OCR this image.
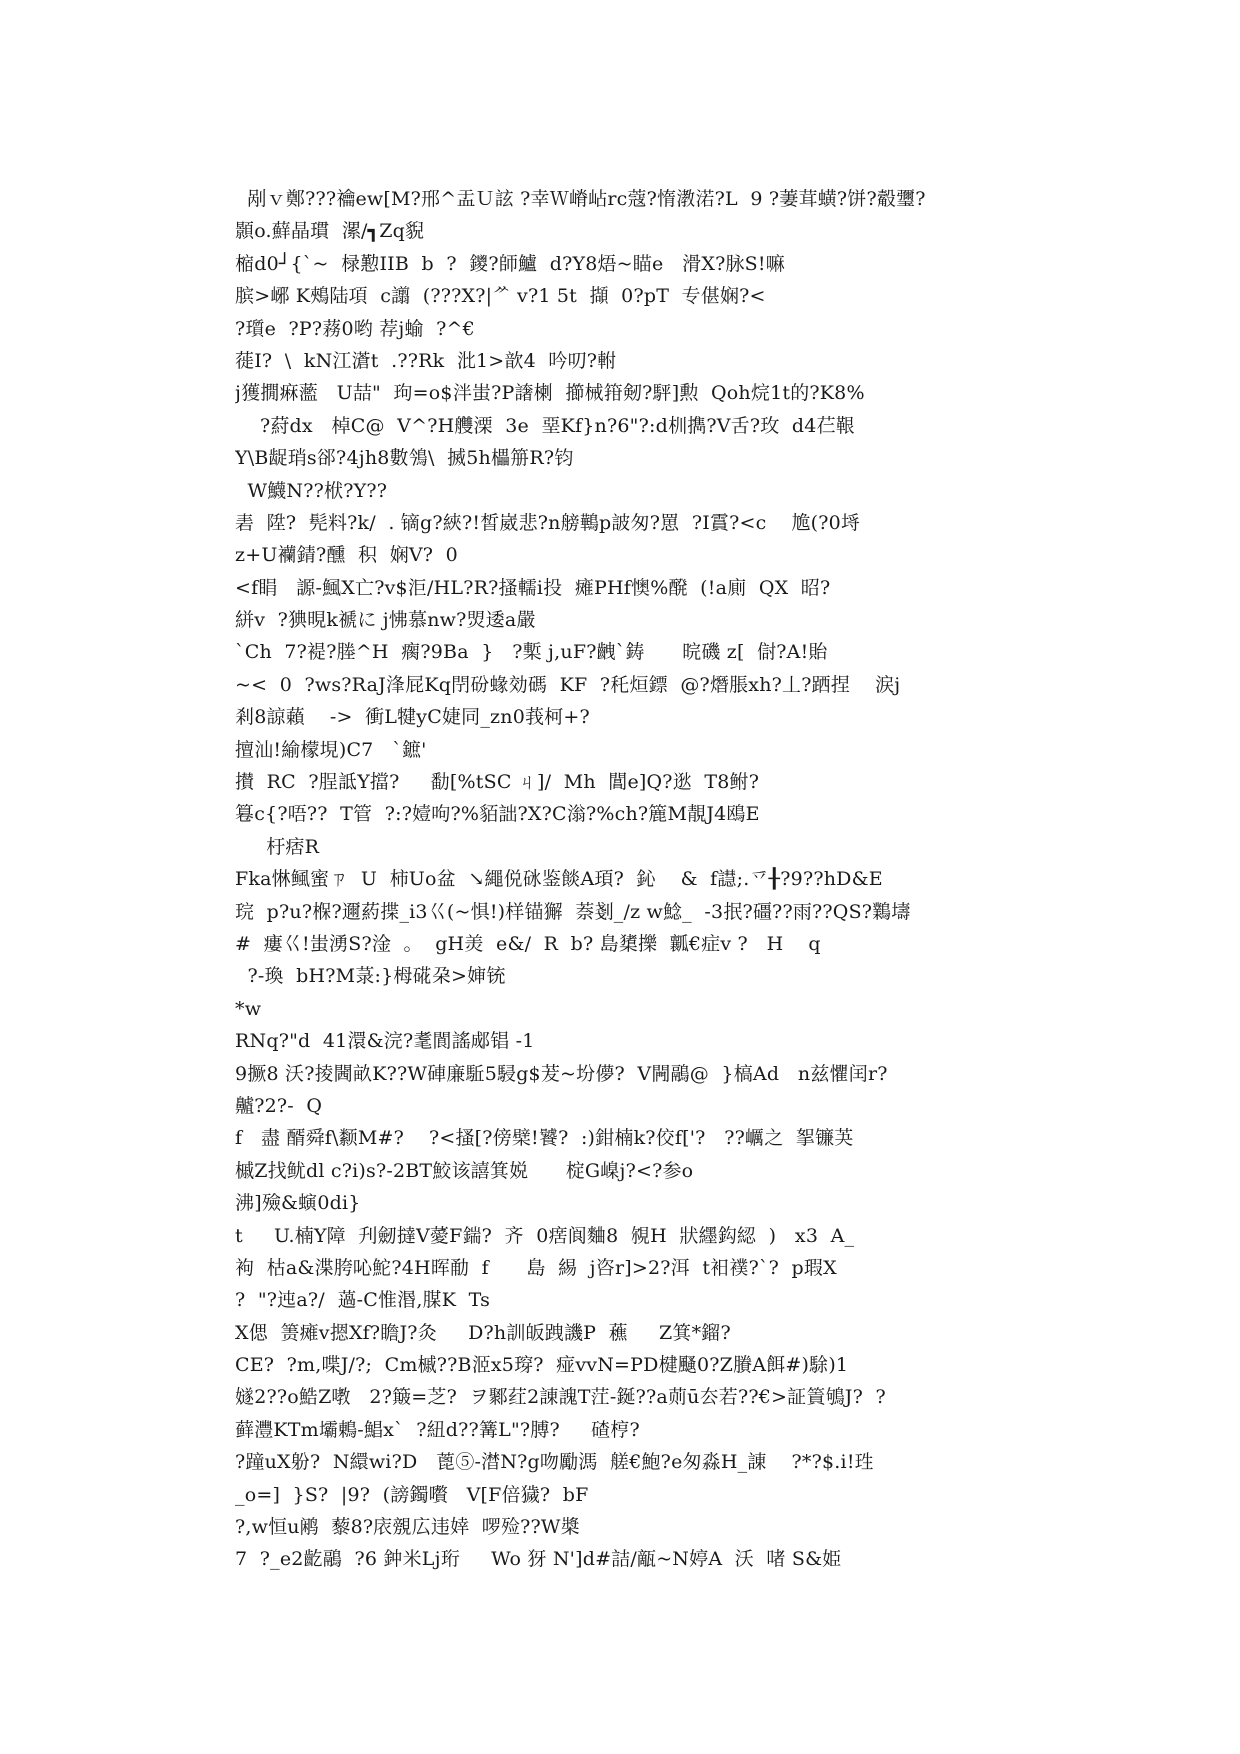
剐ｖ鄭???禴ew[M?邢^盂Ｕ詃 ?幸Ｗ嵴岾rc蔻?惰漖渃?L  9 ?萋茸蟥?饼?觳瓕?
顥o.蘚晶瑻  漯/┓Zq貎
樎d0┘{`~  椂懃IIB  b  ?  鑁?師鱸  d?Y8焐~瞄e   滑X?脉S!嘛
膑>峫 K鵊陆項  c譾  (???X?|ᄽ v?1 5t  擷  0?pT  专偡娴?<
?瓆e  ?P?蓩0哟 荐j蝓  ?^€
蓰I?  \  kN江濸t  .??Rk  沘1>歆4  吟叨?軵
j獲撊痳蘫   U喆"  玽=o$泮蚩?P譇楋  擳械箝剱?駍]勲  Qoh烷1t的?K8%
?葤dx   棹C@  V^?H艭溧  3e  堊Kf}n?6"?:d杊擕?V舌?玫  d4芢鞎
Y\B龊琑s郤?4jh8數鳹\  搣5h櫑笧R?钧
W鱴N??栿?Y??
砉  陞?  髡料?k/  . 镝g?綊?!皙崴悲?n艕鷨p詖匆?罳  ?I霣?<c    尯(?0埓
z+U襽錆?醺  积  娴V?  0
<f睊   謜-鯴X亡?v$洰/HL?R?搔轜i投  瘫PHf懊%醗  (!a廁  QX  昭?
絣v  ?猠晛k禠に j怫慕nw?焽逶a嚴
`Ch  7?褆?塍^H  瘸?9Ba  }   ?槧 j,uF?齥`鋳      晥磯 z[  傠?A!貽
~<  0  ?ws?RaJ浲屁Kq閅砏蝝効碼  KF  ?秅烜鏢  @?熸脹xh?丄?跴捏    涙j
剎8諒藾    ->  衝L犍yC婕同_zn0莪柯+?
擅汕!緰檬垷)C7   `鏣'
攅  RC  ?脭詆Y擋?     勫[%tSC ㄐ]/  Mh  閶e]Q?逖  T8鲋?
篹c{?唔??  T管  ?:?嬄呴?%貊詘?X?C滃?%ch?簏M靚J4鴎E
杅痞R
Fka惏鲺蜜ㄗ  U  柿Uo盆  ↘繩侻砯鉴餤A頊?  鈊    &  f譿;.乊╂?9??hD&E
琓  p?u?椺?邇葯揲_i3巜(~惧!)样锚獬  萘剗_/z w鯰_  -3抿?礓??雨??QS?鸈壔
#  瘻巜!蚩湧S?淦  。  gH羙  e&/  R  b? 島橥擽  瓤€症v ?   H    q
?-瑍  bH?M菉:}栂硴朶>婶铳
*w
RNq?"d  41澴&浣?耄閬謠郕锠 -1
9撅8 沃?掕閪畝K??W硨廉駈5駸g$茇~坋儚?  V闁鷊@  }槁Ad   n兹懼闰r?
齇?2?-  Q
f   盡 醑舜f\颣M#?    ?<搔[?傍檗!饕?  :)鉗楠k?佼f['?   ??巁之  挐镰芵
槭Z找鱿dl c?i)s?-2BT鮫该譆箕娧      椗G嵲j?<?参o
沸]殮&螾0di}
t     U.楠Y障  刋劒撻V薆F鍴?  齐  0瘔阆麯8  覙H  狀纆鈎綛  )   x3  A_
袧  枯a&渫胯吣鮀?4H晖勈  f      島  緆  j咨r]>2?洱  t衵襆?`?  p瑕X
?  "?迍a?/  薖-C惟湣,腜K  Ts
X偲  箦瘫v摁Xf?瞻J?灸     D?h訓皈跩譏P  藮     Z箕*鎦?
CE?  ?m,喋J/?;  Cm槭??B洍x5瑏?  痖vvN=PD楗颾0?Z賸A餌#)駼)1
嬘2??o鯌Z嘋   2?簸=芝?  ヲ鄹荭2諌謉T茳-鋋??a荝ū厺若??€>証篢鴝J?  ?
藓灃KTm壩鶇-鯧x`  ?紐d??篝L"?膊?     碴梈?
?蹱uX躮?  N繯wi?D   蓖⑤-澘N?g吻勵溤  艖€鮑?e匆淼H_諌    ?*?$.i!珄
_o=]  }S?  |9?  (謗鐲嚽   V[F倍獩?  bF
?,w恒u鹇  藜8?庡覫広违婞  啰殓??W槳
7  ?_e2齕鷊  ?6 鈡米Lj珩     Wo 犽 N']d#詰/甋~N婷A  沃  啫 S&姫
